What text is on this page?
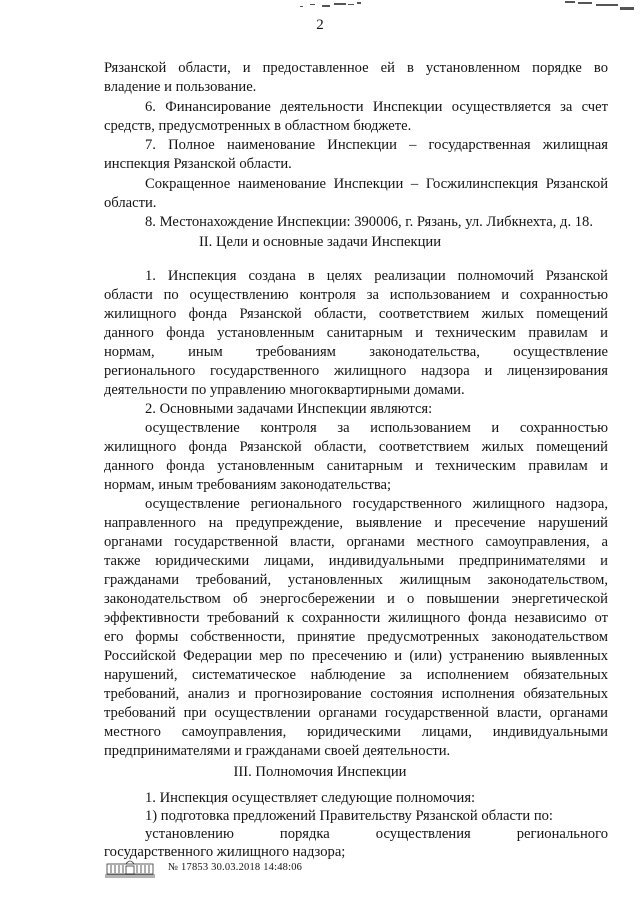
2
Рязанской области, и предоставленное ей в установленном порядке во
владение и пользование.
6. Финансирование деятельности Инспекции осуществляется за счет
средств, предусмотренных в областном бюджете.
7. Полное наименование Инспекции – государственная жилищная
инспекция Рязанской области.
Сокращенное наименование Инспекции – Госжилинспекция Рязанской
области.
8. Местонахождение Инспекции: 390006, г. Рязань, ул. Либкнехта, д. 18.
II. Цели и основные задачи Инспекции
1. Инспекция создана в целях реализации полномочий Рязанской
области по осуществлению контроля за использованием и сохранностью
жилищного фонда Рязанской области, соответствием жилых помещений
данного фонда установленным санитарным и техническим правилам и
нормам, иным требованиям законодательства, осуществление
регионального государственного жилищного надзора и лицензирования
деятельности по управлению многоквартирными домами.
2. Основными задачами Инспекции являются:
осуществление контроля за использованием и сохранностью
жилищного фонда Рязанской области, соответствием жилых помещений
данного фонда установленным санитарным и техническим правилам и
нормам, иным требованиям законодательства;
осуществление регионального государственного жилищного надзора,
направленного на предупреждение, выявление и пресечение нарушений
органами государственной власти, органами местного самоуправления, а
также юридическими лицами, индивидуальными предпринимателями и
гражданами требований, установленных жилищным законодательством,
законодательством об энергосбережении и о повышении энергетической
эффективности требований к сохранности жилищного фонда независимо от
его формы собственности, принятие предусмотренных законодательством
Российской Федерации мер по пресечению и (или) устранению выявленных
нарушений, систематическое наблюдение за исполнением обязательных
требований, анализ и прогнозирование состояния исполнения обязательных
требований при осуществлении органами государственной власти, органами
местного самоуправления, юридическими лицами, индивидуальными
предпринимателями и гражданами своей деятельности.
III. Полномочия Инспекции
1. Инспекция осуществляет следующие полномочия:
1) подготовка предложений Правительству Рязанской области по:
установлению порядка осуществления регионального
государственного жилищного надзора;
№ 17853 30.03.2018 14:48:06
